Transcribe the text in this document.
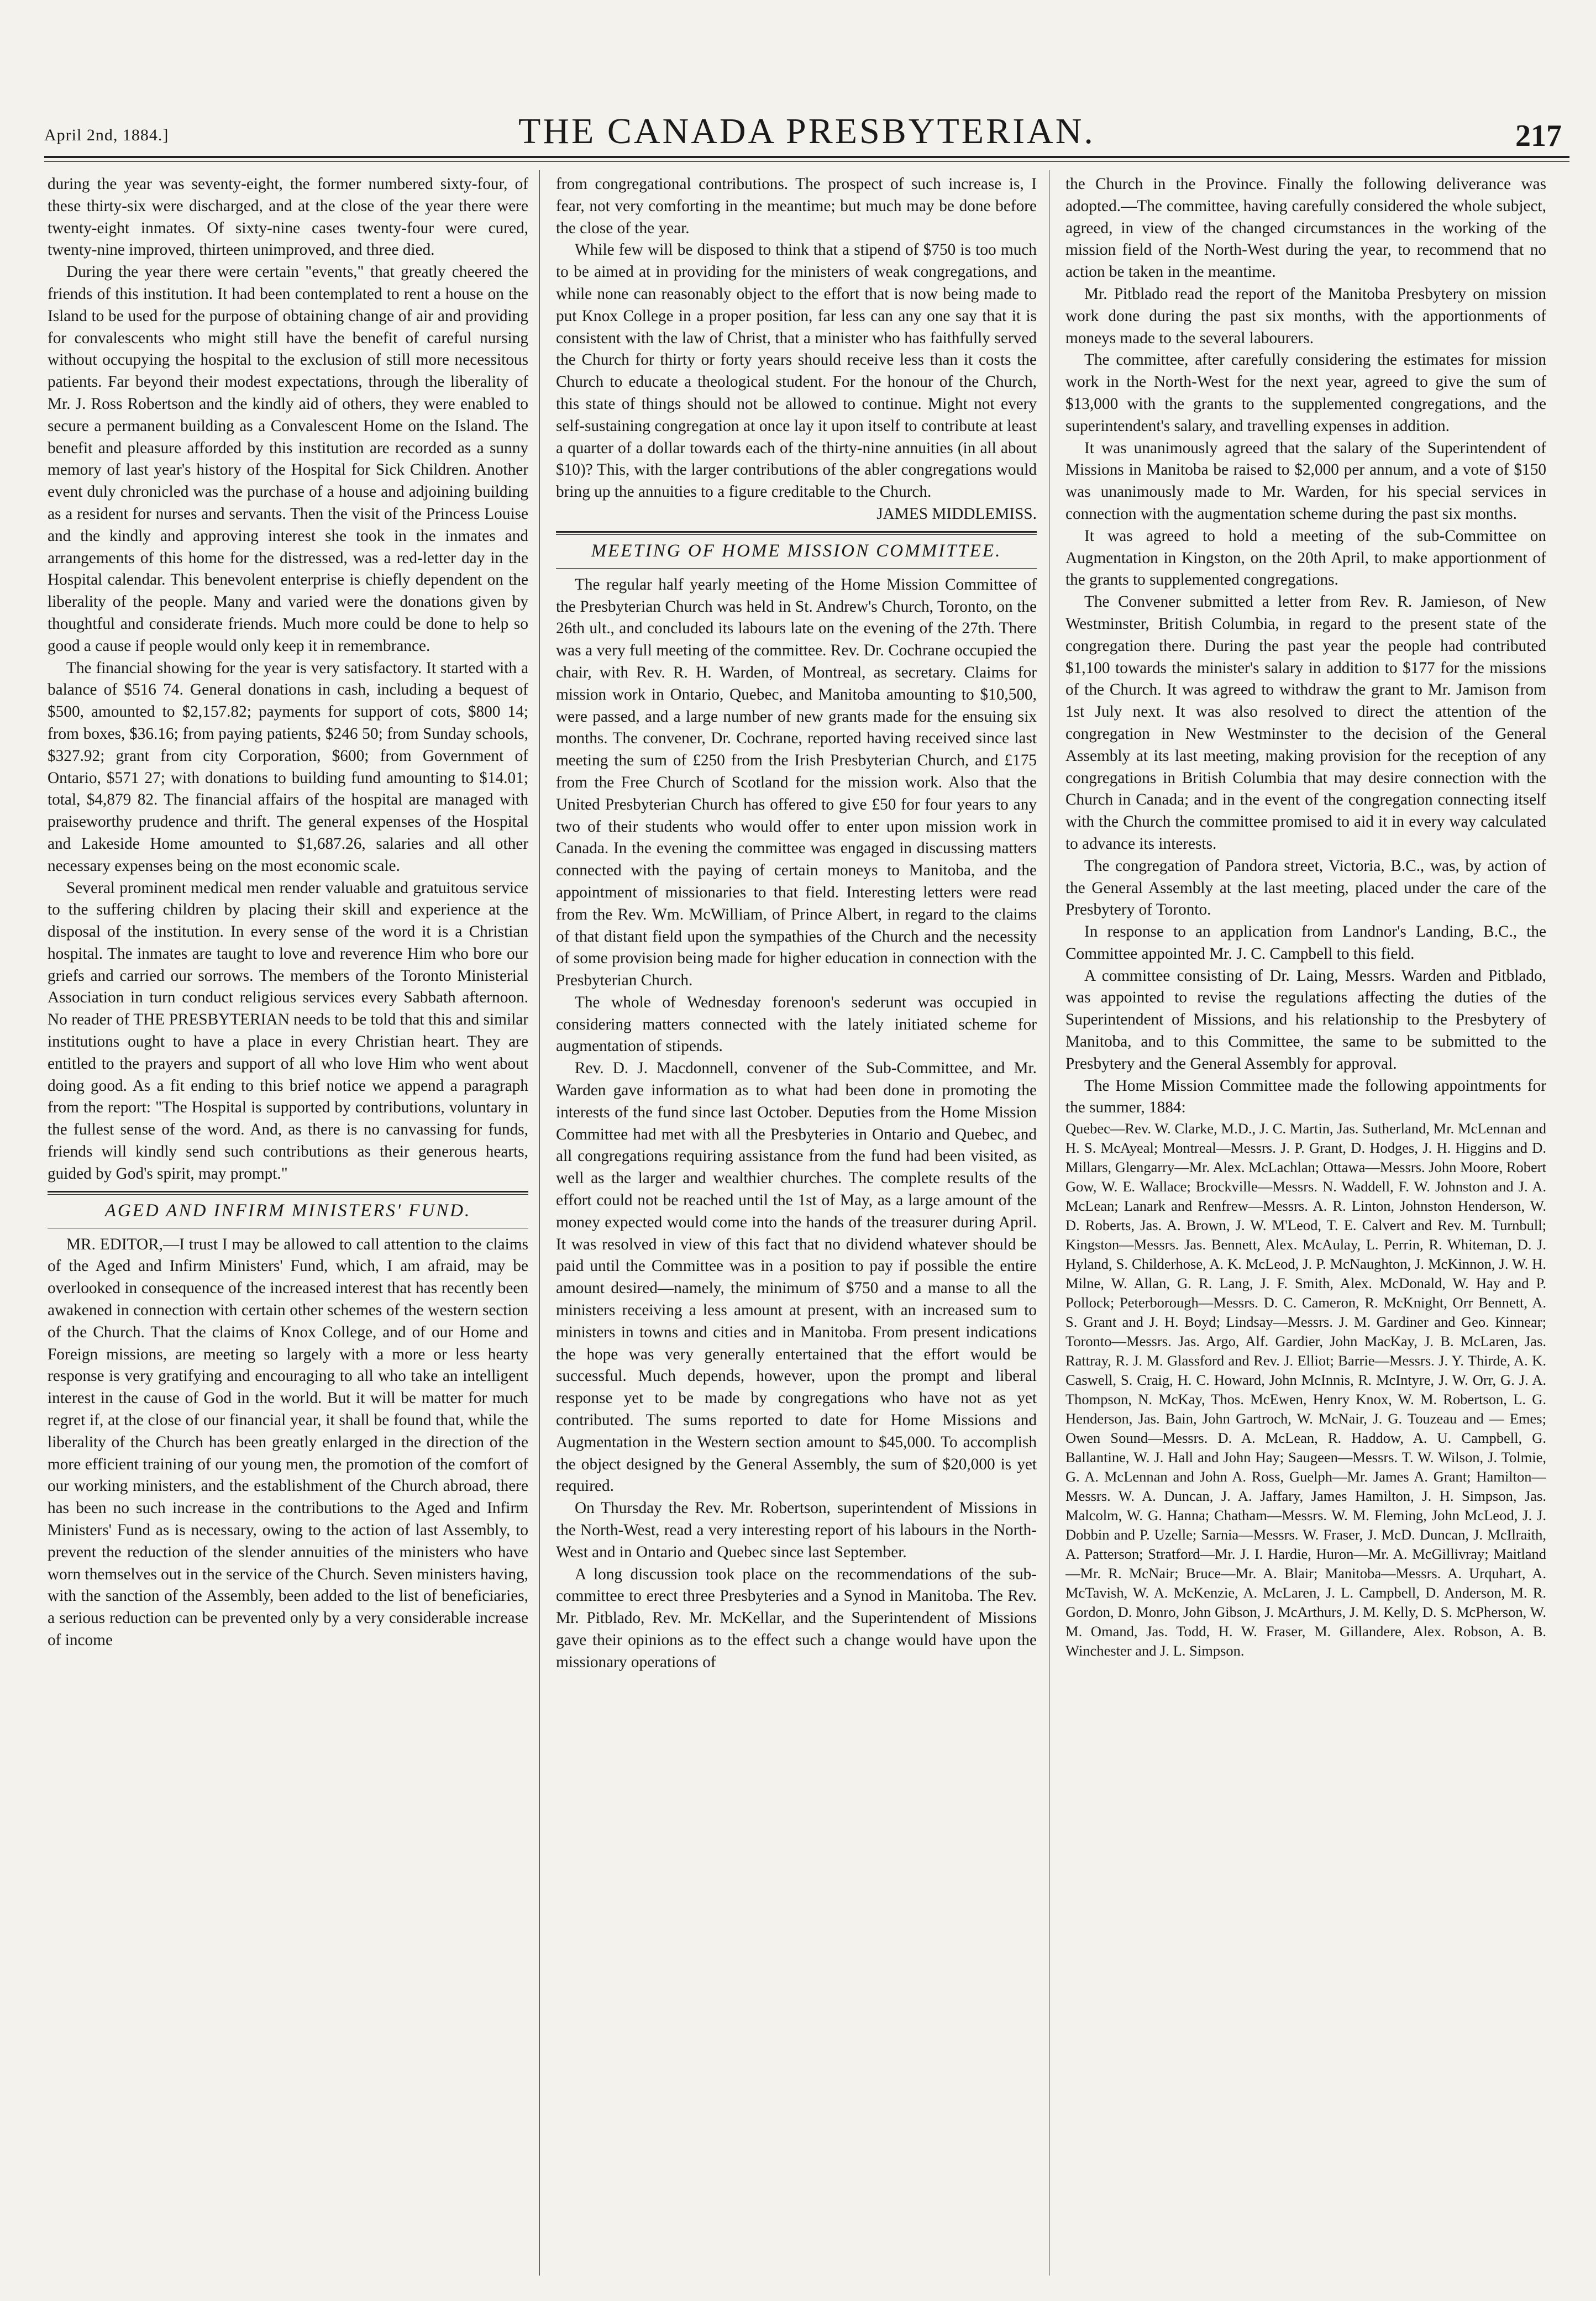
April 2nd, 1884.]	THE CANADA PRESBYTERIAN.	217

during the year was seventy-eight, the former numbered sixty-four, of these thirty-six were discharged, and at the close of the year there were twenty-eight inmates. Of sixty-nine cases twenty-four were cured, twenty-nine improved, thirteen unimproved, and three died.

During the year there were certain "events," that greatly cheered the friends of this institution. It had been contemplated to rent a house on the Island to be used for the purpose of obtaining change of air and providing for convalescents who might still have the benefit of careful nursing without occupying the hospital to the exclusion of still more necessitous patients. Far beyond their modest expectations, through the liberality of Mr. J. Ross Robertson and the kindly aid of others, they were enabled to secure a permanent building as a Convalescent Home on the Island. The benefit and pleasure afforded by this institution are recorded as a sunny memory of last year's history of the Hospital for Sick Children. Another event duly chronicled was the purchase of a house and adjoining building as a resident for nurses and servants. Then the visit of the Princess Louise and the kindly and approving interest she took in the inmates and arrangements of this home for the distressed, was a red-letter day in the Hospital calendar. This benevolent enterprise is chiefly dependent on the liberality of the people. Many and varied were the donations given by thoughtful and considerate friends. Much more could be done to help so good a cause if people would only keep it in remembrance.

The financial showing for the year is very satisfactory. It started with a balance of $516 74. General donations in cash, including a bequest of $500, amounted to $2,157.82; payments for support of cots, $800 14; from boxes, $36.16; from paying patients, $246 50; from Sunday schools, $327.92; grant from city Corporation, $600; from Government of Ontario, $571 27; with donations to building fund amounting to $14.01; total, $4,879 82. The financial affairs of the hospital are managed with praiseworthy prudence and thrift. The general expenses of the Hospital and Lakeside Home amounted to $1,687.26, salaries and all other necessary expenses being on the most economic scale.

Several prominent medical men render valuable and gratuitous service to the suffering children by placing their skill and experience at the disposal of the institution. In every sense of the word it is a Christian hospital. The inmates are taught to love and reverence Him who bore our griefs and carried our sorrows. The members of the Toronto Ministerial Association in turn conduct religious services every Sabbath afternoon. No reader of THE PRESBYTERIAN needs to be told that this and similar institutions ought to have a place in every Christian heart. They are entitled to the prayers and support of all who love Him who went about doing good. As a fit ending to this brief notice we append a paragraph from the report: "The Hospital is supported by contributions, voluntary in the fullest sense of the word. And, as there is no canvassing for funds, friends will kindly send such contributions as their generous hearts, guided by God's spirit, may prompt."

AGED AND INFIRM MINISTERS' FUND.

MR. EDITOR,—I trust I may be allowed to call attention to the claims of the Aged and Infirm Ministers' Fund, which, I am afraid, may be overlooked in consequence of the increased interest that has recently been awakened in connection with certain other schemes of the western section of the Church. That the claims of Knox College, and of our Home and Foreign missions, are meeting so largely with a more or less hearty response is very gratifying and encouraging to all who take an intelligent interest in the cause of God in the world. But it will be matter for much regret if, at the close of our financial year, it shall be found that, while the liberality of the Church has been greatly enlarged in the direction of the more efficient training of our young men, the promotion of the comfort of our working ministers, and the establishment of the Church abroad, there has been no such increase in the contributions to the Aged and Infirm Ministers' Fund as is necessary, owing to the action of last Assembly, to prevent the reduction of the slender annuities of the ministers who have worn themselves out in the service of the Church. Seven ministers having, with the sanction of the Assembly, been added to the list of beneficiaries, a serious reduction can be prevented only by a very considerable increase of income

from congregational contributions. The prospect of such increase is, I fear, not very comforting in the meantime; but much may be done before the close of the year.

While few will be disposed to think that a stipend of $750 is too much to be aimed at in providing for the ministers of weak congregations, and while none can reasonably object to the effort that is now being made to put Knox College in a proper position, far less can any one say that it is consistent with the law of Christ, that a minister who has faithfully served the Church for thirty or forty years should receive less than it costs the Church to educate a theological student. For the honour of the Church, this state of things should not be allowed to continue. Might not every self-sustaining congregation at once lay it upon itself to contribute at least a quarter of a dollar towards each of the thirty-nine annuities (in all about $10)? This, with the larger contributions of the abler congregations would bring up the annuities to a figure creditable to the Church.

JAMES MIDDLEMISS.
MEETING OF HOME MISSION COMMITTEE.

The regular half yearly meeting of the Home Mission Committee of the Presbyterian Church was held in St. Andrew's Church, Toronto, on the 26th ult., and concluded its labours late on the evening of the 27th. There was a very full meeting of the committee. Rev. Dr. Cochrane occupied the chair, with Rev. R. H. Warden, of Montreal, as secretary. Claims for mission work in Ontario, Quebec, and Manitoba amounting to $10,500, were passed, and a large number of new grants made for the ensuing six months. The convener, Dr. Cochrane, reported having received since last meeting the sum of £250 from the Irish Presbyterian Church, and £175 from the Free Church of Scotland for the mission work. Also that the United Presbyterian Church has offered to give £50 for four years to any two of their students who would offer to enter upon mission work in Canada. In the evening the committee was engaged in discussing matters connected with the paying of certain moneys to Manitoba, and the appointment of missionaries to that field. Interesting letters were read from the Rev. Wm. McWilliam, of Prince Albert, in regard to the claims of that distant field upon the sympathies of the Church and the necessity of some provision being made for higher education in connection with the Presbyterian Church.

The whole of Wednesday forenoon's sederunt was occupied in considering matters connected with the lately initiated scheme for augmentation of stipends.

Rev. D. J. Macdonnell, convener of the Sub-Committee, and Mr. Warden gave information as to what had been done in promoting the interests of the fund since last October. Deputies from the Home Mission Committee had met with all the Presbyteries in Ontario and Quebec, and all congregations requiring assistance from the fund had been visited, as well as the larger and wealthier churches. The complete results of the effort could not be reached until the 1st of May, as a large amount of the money expected would come into the hands of the treasurer during April. It was resolved in view of this fact that no dividend whatever should be paid until the Committee was in a position to pay if possible the entire amount desired—namely, the minimum of $750 and a manse to all the ministers receiving a less amount at present, with an increased sum to ministers in towns and cities and in Manitoba. From present indications the hope was very generally entertained that the effort would be successful. Much depends, however, upon the prompt and liberal response yet to be made by congregations who have not as yet contributed. The sums reported to date for Home Missions and Augmentation in the Western section amount to $45,000. To accomplish the object designed by the General Assembly, the sum of $20,000 is yet required.

On Thursday the Rev. Mr. Robertson, superintendent of Missions in the North-West, read a very interesting report of his labours in the North-West and in Ontario and Quebec since last September.

A long discussion took place on the recommendations of the sub-committee to erect three Presbyteries and a Synod in Manitoba. The Rev. Mr. Pitblado, Rev. Mr. McKellar, and the Superintendent of Missions gave their opinions as to the effect such a change would have upon the missionary operations of

the Church in the Province. Finally the following deliverance was adopted.—The committee, having carefully considered the whole subject, agreed, in view of the changed circumstances in the working of the mission field of the North-West during the year, to recommend that no action be taken in the meantime.

Mr. Pitblado read the report of the Manitoba Presbytery on mission work done during the past six months, with the apportionments of moneys made to the several labourers.

The committee, after carefully considering the estimates for mission work in the North-West for the next year, agreed to give the sum of $13,000 with the grants to the supplemented congregations, and the superintendent's salary, and travelling expenses in addition.

It was unanimously agreed that the salary of the Superintendent of Missions in Manitoba be raised to $2,000 per annum, and a vote of $150 was unanimously made to Mr. Warden, for his special services in connection with the augmentation scheme during the past six months.

It was agreed to hold a meeting of the sub-Committee on Augmentation in Kingston, on the 20th April, to make apportionment of the grants to supplemented congregations.

The Convener submitted a letter from Rev. R. Jamieson, of New Westminster, British Columbia, in regard to the present state of the congregation there. During the past year the people had contributed $1,100 towards the minister's salary in addition to $177 for the missions of the Church. It was agreed to withdraw the grant to Mr. Jamison from 1st July next. It was also resolved to direct the attention of the congregation in New Westminster to the decision of the General Assembly at its last meeting, making provision for the reception of any congregations in British Columbia that may desire connection with the Church in Canada; and in the event of the congregation connecting itself with the Church the committee promised to aid it in every way calculated to advance its interests.

The congregation of Pandora street, Victoria, B.C., was, by action of the General Assembly at the last meeting, placed under the care of the Presbytery of Toronto.

In response to an application from Landnor's Landing, B.C., the Committee appointed Mr. J. C. Campbell to this field.

A committee consisting of Dr. Laing, Messrs. Warden and Pitblado, was appointed to revise the regulations affecting the duties of the Superintendent of Missions, and his relationship to the Presbytery of Manitoba, and to this Committee, the same to be submitted to the Presbytery and the General Assembly for approval.

The Home Mission Committee made the following appointments for the summer, 1884:

Quebec—Rev. W. Clarke, M.D., J. C. Martin, Jas. Sutherland, Mr. McLennan and H. S. McAyeal; Montreal—Messrs. J. P. Grant, D. Hodges, J. H. Higgins and D. Millars, Glengarry—Mr. Alex. McLachlan; Ottawa—Messrs. John Moore, Robert Gow, W. E. Wallace; Brockville—Messrs. N. Waddell, F. W. Johnston and J. A. McLean; Lanark and Renfrew—Messrs. A. R. Linton, Johnston Henderson, W. D. Roberts, Jas. A. Brown, J. W. M'Leod, T. E. Calvert and Rev. M. Turnbull; Kingston—Messrs. Jas. Bennett, Alex. McAulay, L. Perrin, R. Whiteman, D. J. Hyland, S. Childerhose, A. K. McLeod, J. P. McNaughton, J. McKinnon, J. W. H. Milne, W. Allan, G. R. Lang, J. F. Smith, Alex. McDonald, W. Hay and P. Pollock; Peterborough—Messrs. D. C. Cameron, R. McKnight, Orr Bennett, A. S. Grant and J. H. Boyd; Lindsay—Messrs. J. M. Gardiner and Geo. Kinnear; Toronto—Messrs. Jas. Argo, Alf. Gardier, John MacKay, J. B. McLaren, Jas. Rattray, R. J. M. Glassford and Rev. J. Elliot; Barrie—Messrs. J. Y. Thirde, A. K. Caswell, S. Craig, H. C. Howard, John McInnis, R. McIntyre, J. W. Orr, G. J. A. Thompson, N. McKay, Thos. McEwen, Henry Knox, W. M. Robertson, L. G. Henderson, Jas. Bain, John Gartroch, W. McNair, J. G. Touzeau and — Emes; Owen Sound—Messrs. D. A. McLean, R. Haddow, A. U. Campbell, G. Ballantine, W. J. Hall and John Hay; Saugeen—Messrs. T. W. Wilson, J. Tolmie, G. A. McLennan and John A. Ross, Guelph—Mr. James A. Grant; Hamilton—Messrs. W. A. Duncan, J. A. Jaffary, James Hamilton, J. H. Simpson, Jas. Malcolm, W. G. Hanna; Chatham—Messrs. W. M. Fleming, John McLeod, J. J. Dobbin and P. Uzelle; Sarnia—Messrs. W. Fraser, J. McD. Duncan, J. McIlraith, A. Patterson; Stratford—Mr. J. I. Hardie, Huron—Mr. A. McGillivray; Maitland—Mr. R. McNair; Bruce—Mr. A. Blair; Manitoba—Messrs. A. Urquhart, A. McTavish, W. A. McKenzie, A. McLaren, J. L. Campbell, D. Anderson, M. R. Gordon, D. Monro, John Gibson, J. McArthurs, J. M. Kelly, D. S. McPherson, W. M. Omand, Jas. Todd, H. W. Fraser, M. Gillandere, Alex. Robson, A. B. Winchester and J. L. Simpson.
